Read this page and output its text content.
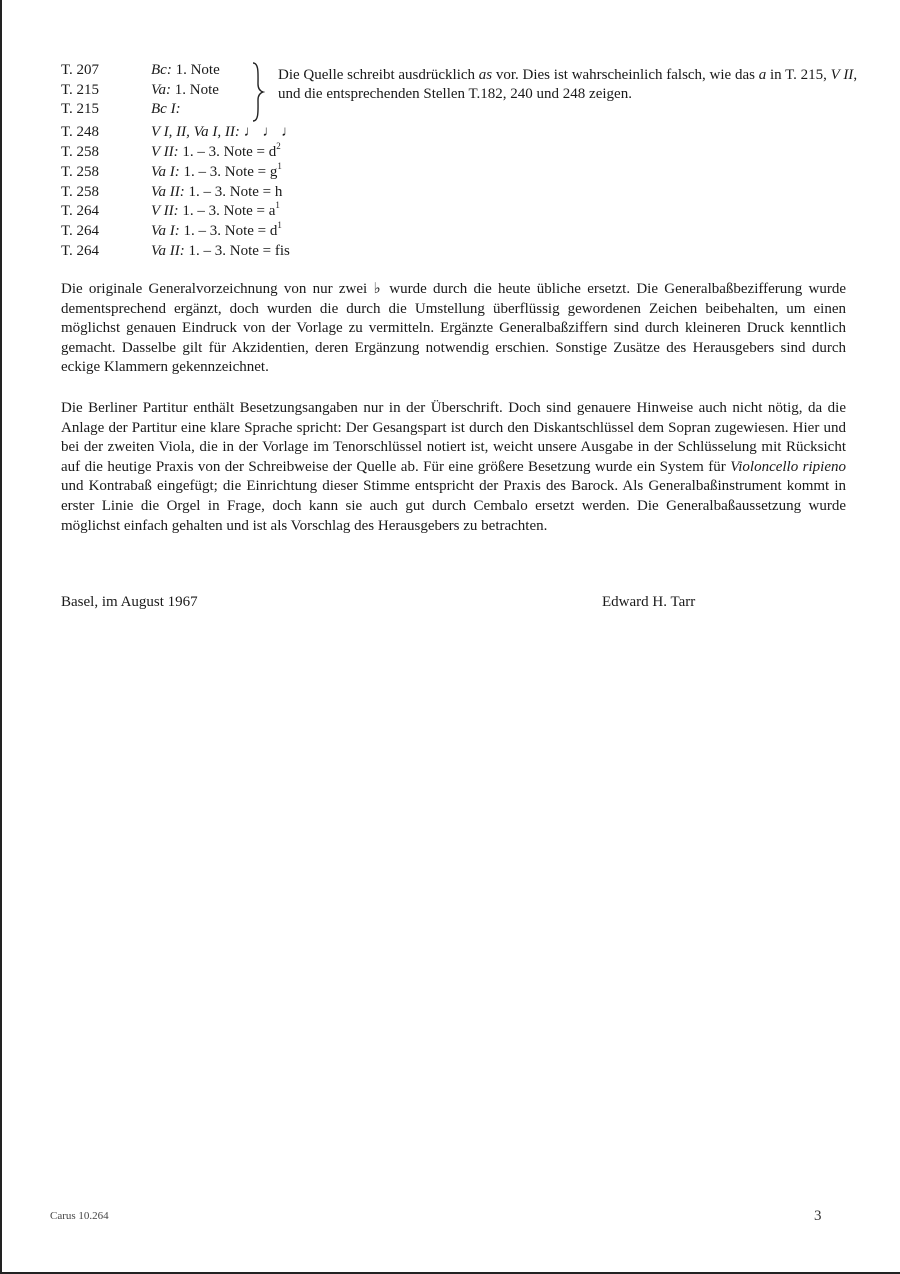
T. 207	Bc: 1. Note
T. 215	Va: 1. Note
T. 215	Bc I:
Die Quelle schreibt ausdrücklich as vor. Dies ist wahrscheinlich falsch, wie das a in T. 215, V II, und die entsprechenden Stellen T.182, 240 und 248 zeigen.
T. 248	V I, II, Va I, II: ♩ ♩ ♩
T. 258	V II: 1. – 3. Note = $d^2$
T. 258	Va I: 1. – 3. Note = $g^1$
T. 258	Va II: 1. – 3. Note = h
T. 264	V II: 1. – 3. Note = $a^1$
T. 264	Va I: 1. – 3. Note = $d^1$
T. 264	Va II: 1. – 3. Note = fis

Die originale Generalvorzeichnung von nur zwei ♭ wurde durch die heute übliche ersetzt. Die Generalbaßbezifferung wurde dementsprechend ergänzt, doch wurden die durch die Umstellung überflüssig gewordenen Zeichen beibehalten, um einen möglichst genauen Eindruck von der Vorlage zu vermitteln. Ergänzte Generalbaßziffern sind durch kleineren Druck kenntlich gemacht. Dasselbe gilt für Akzidentien, deren Ergänzung notwendig erschien. Sonstige Zusätze des Herausgebers sind durch eckige Klammern gekennzeichnet.

Die Berliner Partitur enthält Besetzungsangaben nur in der Überschrift. Doch sind genauere Hinweise auch nicht nötig, da die Anlage der Partitur eine klare Sprache spricht: Der Gesangspart ist durch den Diskantschlüssel dem Sopran zugewiesen. Hier und bei der zweiten Viola, die in der Vorlage im Tenorschlüssel notiert ist, weicht unsere Ausgabe in der Schlüsselung mit Rücksicht auf die heutige Praxis von der Schreibweise der Quelle ab. Für eine größere Besetzung wurde ein System für Violoncello ripieno und Kontrabaß eingefügt; die Einrichtung dieser Stimme entspricht der Praxis des Barock. Als Generalbaßinstrument kommt in erster Linie die Orgel in Frage, doch kann sie auch gut durch Cembalo ersetzt werden. Die Generalbaßaussetzung wurde möglichst einfach gehalten und ist als Vorschlag des Herausgebers zu betrachten.

Basel, im August 1967	Edward H. Tarr
Carus 10.264	3
